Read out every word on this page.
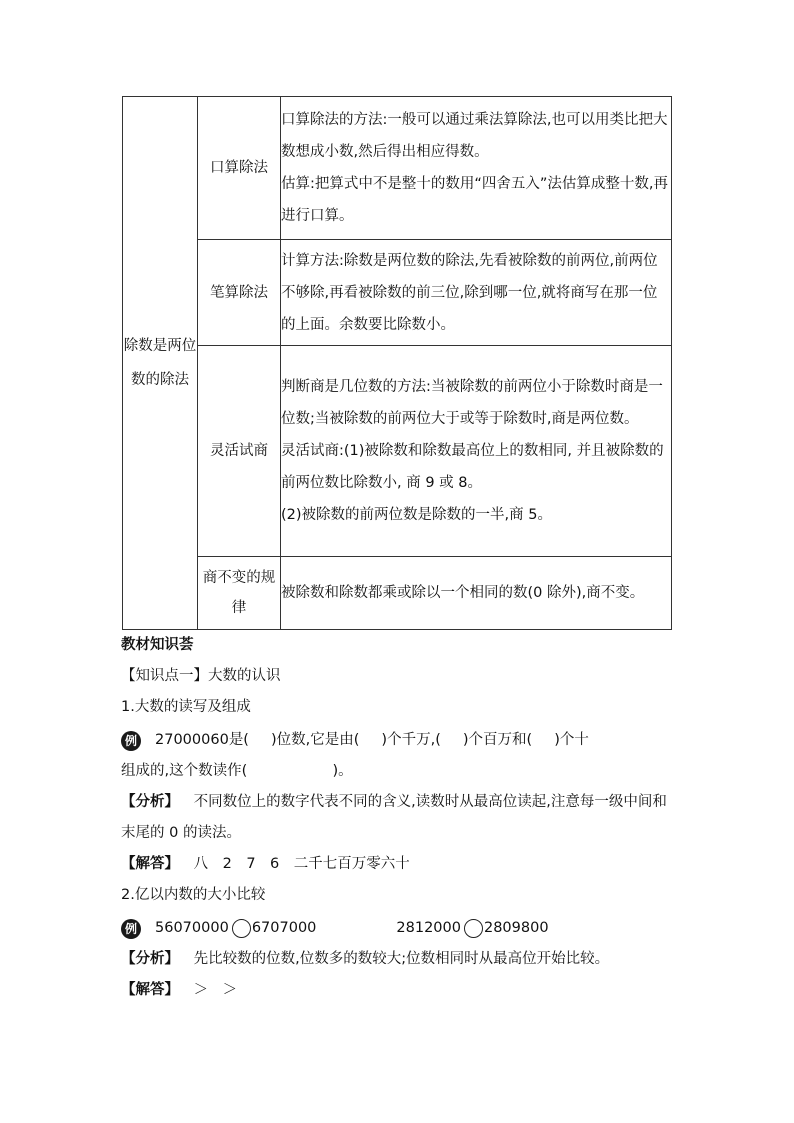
除数是两位数的除法	口算除法	口算除法的方法:一般可以通过乘法算除法,也可以用类比把大数想成小数,然后得出相应得数。

估算:把算式中不是整十的数用“四舍五入”法估算成整十数,再进行口算。

	笔算除法	计算方法:除数是两位数的除法,先看被除数的前两位,前两位不够除,再看被除数的前三位,除到哪一位,就将商写在那一位的上面。余数要比除数小。

	灵活试商	判断商是几位数的方法:当被除数的前两位小于除数时商是一位数;当被除数的前两位大于或等于除数时,商是两位数。

灵活试商:(1)被除数和除数最高位上的数相同, 并且被除数的前两位数比除数小, 商 9 或 8。

(2)被除数的前两位数是除数的一半,商 5。

	商不变的规律	被除数和除数都乘或除以一个相同的数(0 除外),商不变。

教材知识荟
【知识点一】大数的认识
1.大数的读写及组成
例 27000060 是( )位数,它是由( )个千万,( )个百万和( )个十
组成的,这个数读作(	)。
【分析】 不同数位上的数字代表不同的含义,读数时从最高位读起,注意每一级中间和末尾的 0 的读法。
【解答】 八　2　7　6　二千七百万零六十
2.亿以内数的大小比较
例 56070000 6707000	2812000 2809800
【分析】 先比较数的位数,位数多的数较大;位数相同时从最高位开始比较。
【解答】 ＞　＞
